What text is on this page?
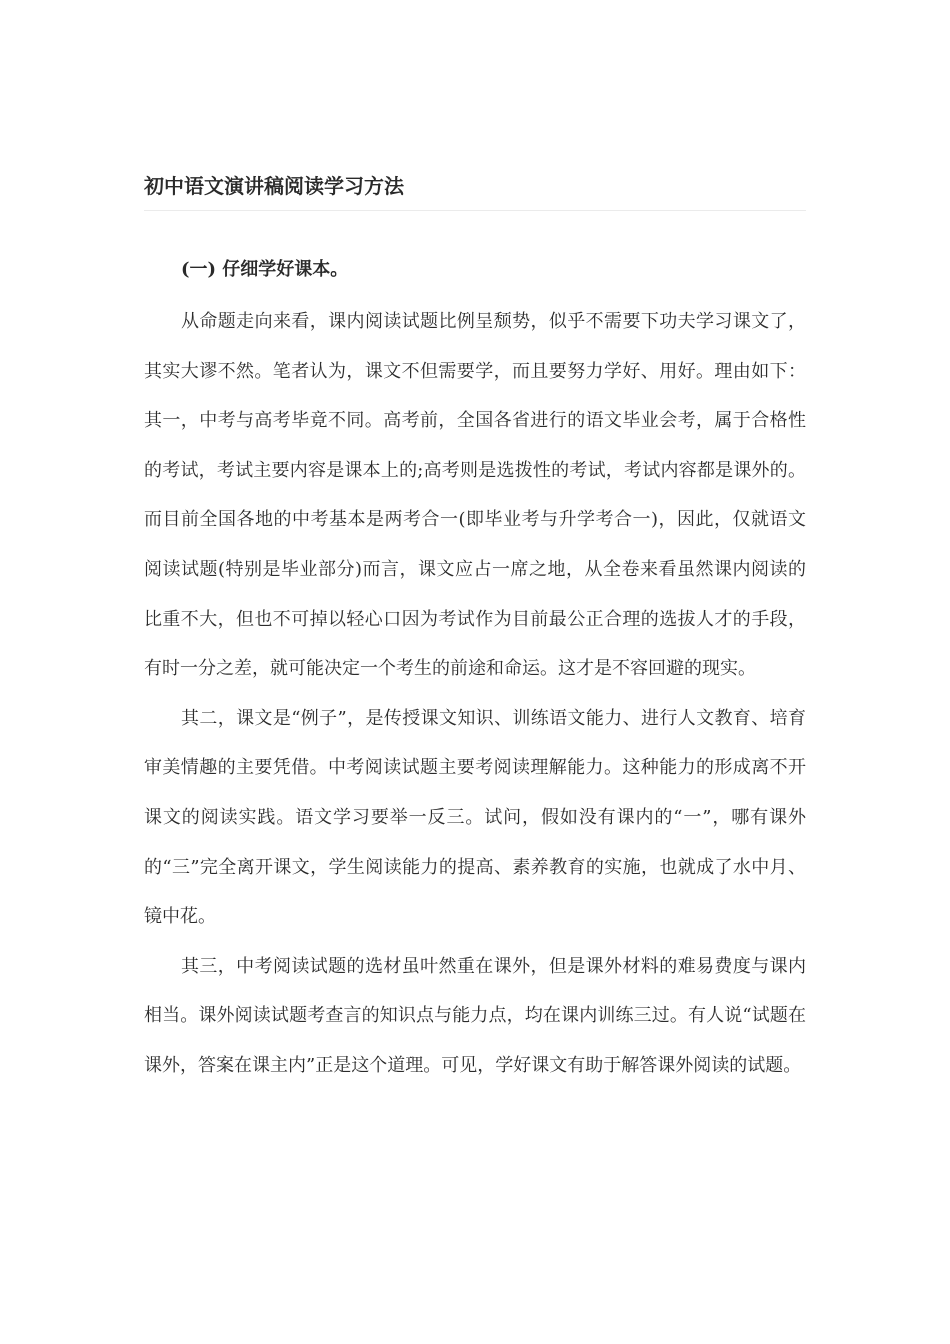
初中语文演讲稿阅读学习方法

(一) 仔细学好课本。

从命题走向来看，课内阅读试题比例呈颓势，似乎不需要下功夫学习课文了，其实大谬不然。笔者认为，课文不但需要学，而且要努力学好、用好。理由如下：其一，中考与高考毕竟不同。高考前，全国各省进行的语文毕业会考，属于合格性的考试，考试主要内容是课本上的;高考则是选拨性的考试，考试内容都是课外的。而目前全国各地的中考基本是两考合一(即毕业考与升学考合一)，因此，仅就语文阅读试题(特别是毕业部分)而言，课文应占一席之地，从全卷来看虽然课内阅读的比重不大，但也不可掉以轻心口因为考试作为目前最公正合理的选拔人才的手段，有时一分之差，就可能决定一个考生的前途和命运。这才是不容回避的现实。

其二，课文是“例子”，是传授课文知识、训练语文能力、进行人文教育、培育审美情趣的主要凭借。中考阅读试题主要考阅读理解能力。这种能力的形成离不开课文的阅读实践。语文学习要举一反三。试问，假如没有课内的“一”，哪有课外的“三”完全离开课文，学生阅读能力的提高、素养教育的实施，也就成了水中月、镜中花。

其三，中考阅读试题的选材虽叶然重在课外，但是课外材料的难易费度与课内相当。课外阅读试题考查言的知识点与能力点，均在课内训练三过。有人说“试题在课外，答案在课主内”正是这个道理。可见，学好课文有助于解答课外阅读的试题。
